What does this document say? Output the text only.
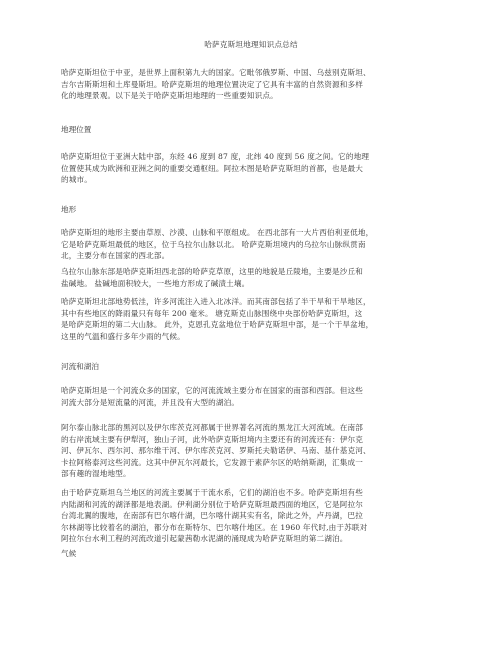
哈萨克斯坦地理知识点总结
哈萨克斯坦位于中亚，是世界上面积第九大的国家。它毗邻俄罗斯、中国、乌兹别克斯坦、
吉尔吉斯斯坦和土库曼斯坦。哈萨克斯坦的地理位置决定了它具有丰富的自然资源和多样
化的地理景观。以下是关于哈萨克斯坦地理的一些重要知识点。
地理位置
哈萨克斯坦位于亚洲大陆中部，东经 46 度到 87 度，北纬 40 度到 56 度之间。它的地理
位置使其成为欧洲和亚洲之间的重要交通枢纽。阿拉木图是哈萨克斯坦的首都，也是最大
的城市。
地形
哈萨克斯坦的地形主要由草原、沙漠、山脉和平原组成。 在西北部有一大片西伯利亚低地，
它是哈萨克斯坦最低的地区，位于乌拉尔山脉以北。 哈萨克斯坦境内的乌拉尔山脉纵贯南
北，主要分布在国家的西北部。
乌拉尔山脉东部是哈萨克斯坦西北部的哈萨克草原，这里的地貌是丘陵地，主要是沙丘和
盐碱地。 盐碱地面积较大，一些地方形成了碱渍土壤。
哈萨克斯坦北部地势低洼，许多河流注入进入北冰洋。而其南部包括了半干旱和干旱地区，
其中有些地区的降雨量只有每年 200 毫米。 塘克斯克山脉围绕中央部份哈萨克斯坦，这
是哈萨克斯坦的第二大山脉。 此外，克恩孔克盆地位于哈萨克斯坦中部，是一个干旱盆地，
这里的气温和盛行多年少雨的气候。
河流和湖泊
哈萨克斯坦是一个河流众多的国家，它的河流流域主要分布在国家的南部和西部。但这些
河流大部分是短流量的河流，并且没有大型的湖泊。
阿尔泰山脉北部的黑河以及伊尔库茨克河都属于世界著名河流的黑龙江大河流域。在南部
的右岸流域主要有伊犁河，独山子河，此外哈萨克斯坦境内主要还有的河流还有：伊尔克
河、伊瓦尔、西尔河、那尔维干河、伊尔库茨克河、罗斯托夫勒诺伊、马南、基什基克河、
卡拉阿格泰河这些河流。这其中伊瓦尔河最长，它发源于素萨尔区的哈纳斯湖，汇集成一
部有趣的湿地地型。
由于哈萨克斯坦乌兰地区的河流主要属于干流水系，它们的湖泊也不多。哈萨克斯坦有些
内陆湖和河流的湖泽都是地表湖。伊利湖分别位于哈萨克斯坦最西面的地区，它是阿拉尔
台湾北翼的腹地，在南部有巴尔喀什湖，巴尔喀什湖其实有名，除此之外，卢丹湖，巴拉
尔林湖等比较着名的湖泊，都分布在斯特尔、巴尔喀什地区。在 1960 年代时,由于苏联对
阿拉尔台水利工程的河流改道引起蒙茜勒水泥湖的涌现成为哈萨克斯坦的第二湖泊。
气候
